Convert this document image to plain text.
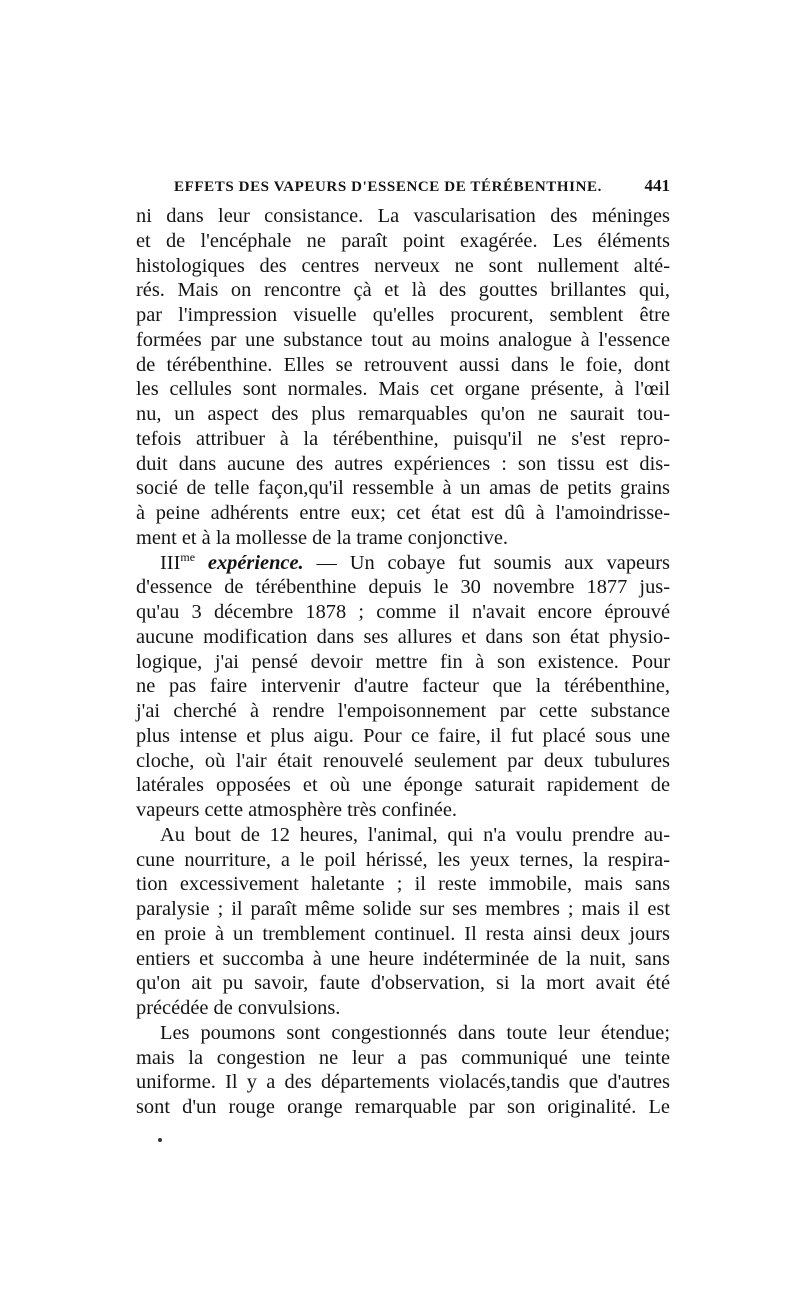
EFFETS DES VAPEURS D'ESSENCE DE TÉRÉBENTHINE.	441

ni dans leur consistance. La vascularisation des méninges
et de l'encéphale ne paraît point exagérée. Les éléments
histologiques des centres nerveux ne sont nullement alté-
rés. Mais on rencontre çà et là des gouttes brillantes qui,
par l'impression visuelle qu'elles procurent, semblent être
formées par une substance tout au moins analogue à l'essence
de térébenthine. Elles se retrouvent aussi dans le foie, dont
les cellules sont normales. Mais cet organe présente, à l'œil
nu, un aspect des plus remarquables qu'on ne saurait tou-
tefois attribuer à la térébenthine, puisqu'il ne s'est repro-
duit dans aucune des autres expériences : son tissu est dis-
socié de telle façon,qu'il ressemble à un amas de petits grains
à peine adhérents entre eux; cet état est dû à l'amoindrisse-
ment et à la mollesse de la trame conjonctive.

$III^{me}$ expérience. — Un cobaye fut soumis aux vapeurs
d'essence de térébenthine depuis le 30 novembre 1877 jus-
qu'au 3 décembre 1878 ; comme il n'avait encore éprouvé
aucune modification dans ses allures et dans son état physio-
logique, j'ai pensé devoir mettre fin à son existence. Pour
ne pas faire intervenir d'autre facteur que la térébenthine,
j'ai cherché à rendre l'empoisonnement par cette substance
plus intense et plus aigu. Pour ce faire, il fut placé sous une
cloche, où l'air était renouvelé seulement par deux tubulures
latérales opposées et où une éponge saturait rapidement de
vapeurs cette atmosphère très confinée.

Au bout de 12 heures, l'animal, qui n'a voulu prendre au-
cune nourriture, a le poil hérissé, les yeux ternes, la respira-
tion excessivement haletante ; il reste immobile, mais sans
paralysie ; il paraît même solide sur ses membres ; mais il est
en proie à un tremblement continuel. Il resta ainsi deux jours
entiers et succomba à une heure indéterminée de la nuit, sans
qu'on ait pu savoir, faute d'observation, si la mort avait été
précédée de convulsions.

Les poumons sont congestionnés dans toute leur étendue;
mais la congestion ne leur a pas communiqué une teinte
uniforme. Il y a des départements violacés,tandis que d'autres
sont d'un rouge orange remarquable par son originalité. Le
